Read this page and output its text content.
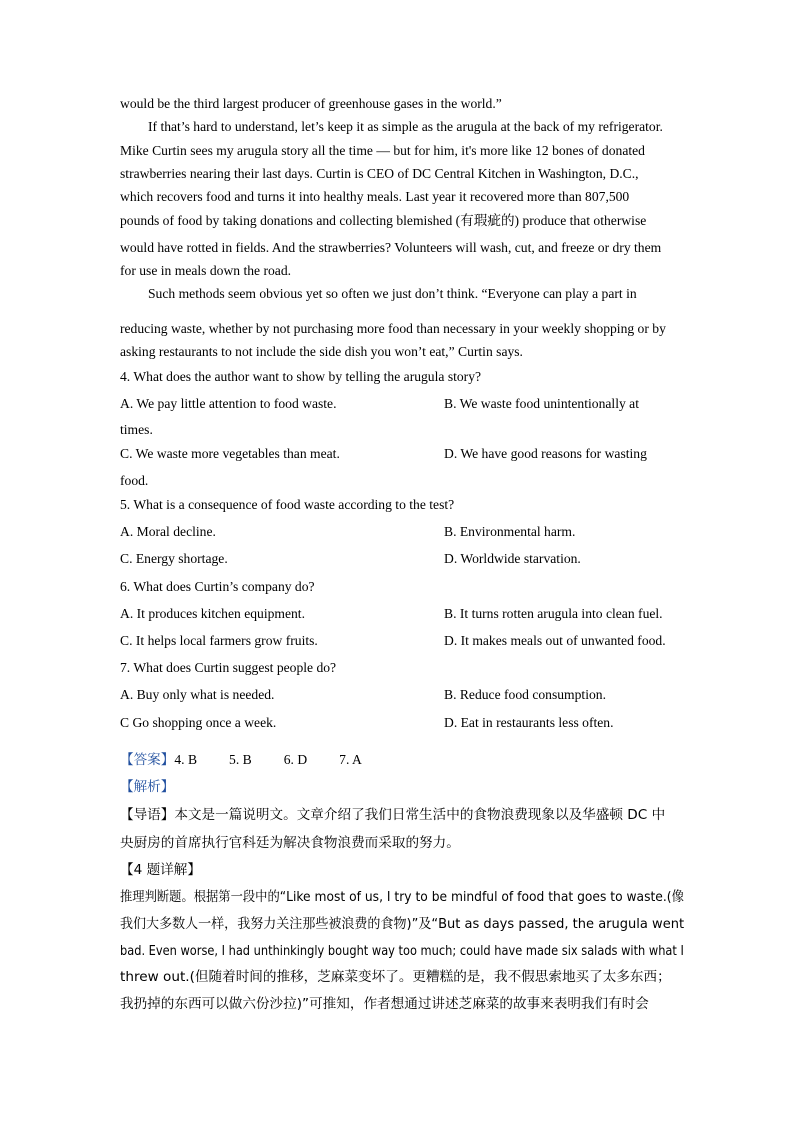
would be the third largest producer of greenhouse gases in the world.”
If that’s hard to understand, let’s keep it as simple as the arugula at the back of my refrigerator.
Mike Curtin sees my arugula story all the time — but for him, it's more like 12 bones of donated
strawberries nearing their last days. Curtin is CEO of DC Central Kitchen in Washington, D.C.,
which recovers food and turns it into healthy meals. Last year it recovered more than 807,500
pounds of food by taking donations and collecting blemished (有瑕疵的) produce that otherwise
would have rotted in fields. And the strawberries? Volunteers will wash, cut, and freeze or dry them
for use in meals down the road.
Such methods seem obvious yet so often we just don’t think. “Everyone can play a part in
reducing waste, whether by not purchasing more food than necessary in your weekly shopping or by
asking restaurants to not include the side dish you won’t eat,” Curtin says.
4. What does the author want to show by telling the arugula story?
A. We pay little attention to food waste.	B. We waste food unintentionally at
times.
C. We waste more vegetables than meat.	D. We have good reasons for wasting
food.
5. What is a consequence of food waste according to the test?
A. Moral decline.	B. Environmental harm.
C. Energy shortage.	D. Worldwide starvation.
6. What does Curtin’s company do?
A. It produces kitchen equipment.	B. It turns rotten arugula into clean fuel.
C. It helps local farmers grow fruits.	D. It makes meals out of unwanted food.
7. What does Curtin suggest people do?
A. Buy only what is needed.	B. Reduce food consumption.
C Go shopping once a week.	D. Eat in restaurants less often.
【答案】4. B 5. B 6. D 7. A
【解析】
【导语】本文是一篇说明文。文章介绍了我们日常生活中的食物浪费现象以及华盛顿 DC 中
央厨房的首席执行官科廷为解决食物浪费而采取的努力。
【4 题详解】
推理判断题。根据第一段中的“Like most of us, I try to be mindful of food that goes to waste.(像
我们大多数人一样，我努力关注那些被浪费的食物)”及“But as days passed, the arugula went
bad. Even worse, I had unthinkingly bought way too much; could have made six salads with what I
threw out.(但随着时间的推移，芝麻菜变坏了。更糟糕的是，我不假思索地买了太多东西；
我扔掉的东西可以做六份沙拉)”可推知，作者想通过讲述芝麻菜的故事来表明我们有时会
